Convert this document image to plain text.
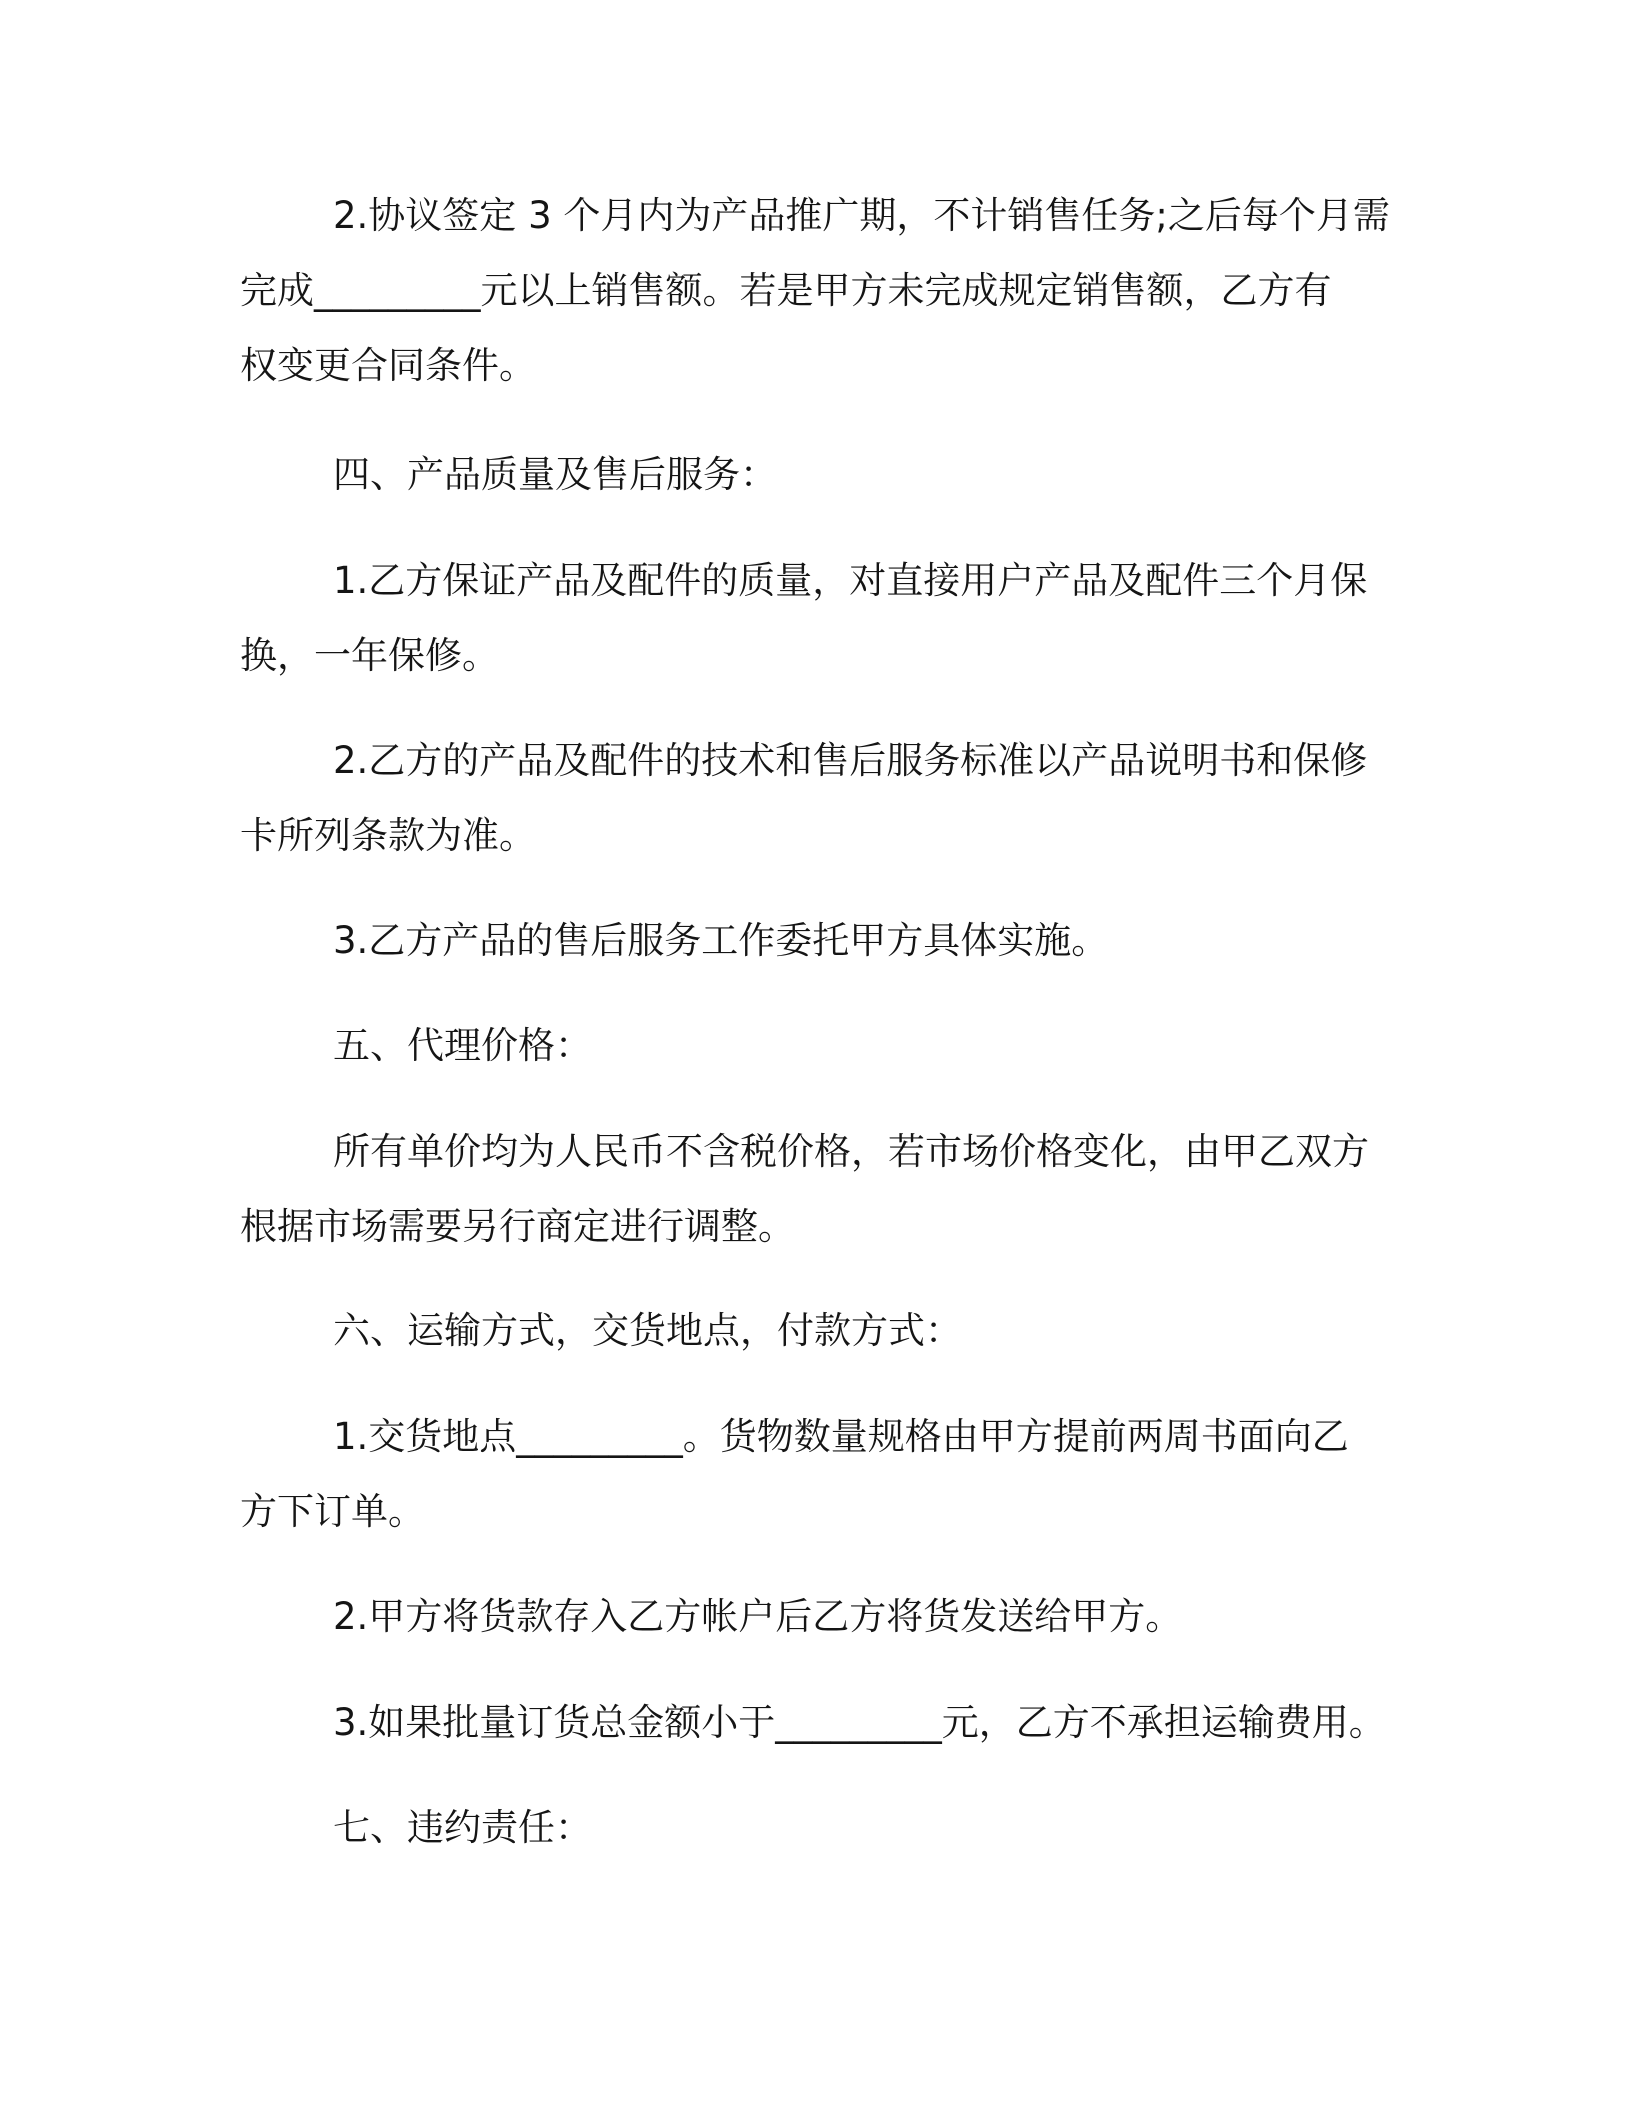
2.协议签定 3 个月内为产品推广期，不计销售任务;之后每个月需
完成_________元以上销售额。若是甲方未完成规定销售额，乙方有
权变更合同条件。

四、产品质量及售后服务：

1.乙方保证产品及配件的质量，对直接用户产品及配件三个月保
换，一年保修。

2.乙方的产品及配件的技术和售后服务标准以产品说明书和保修
卡所列条款为准。

3.乙方产品的售后服务工作委托甲方具体实施。

五、代理价格：

所有单价均为人民币不含税价格，若市场价格变化，由甲乙双方
根据市场需要另行商定进行调整。

六、运输方式，交货地点，付款方式：

1.交货地点_________。货物数量规格由甲方提前两周书面向乙
方下订单。

2.甲方将货款存入乙方帐户后乙方将货发送给甲方。

3.如果批量订货总金额小于_________元，乙方不承担运输费用。

七、违约责任：
